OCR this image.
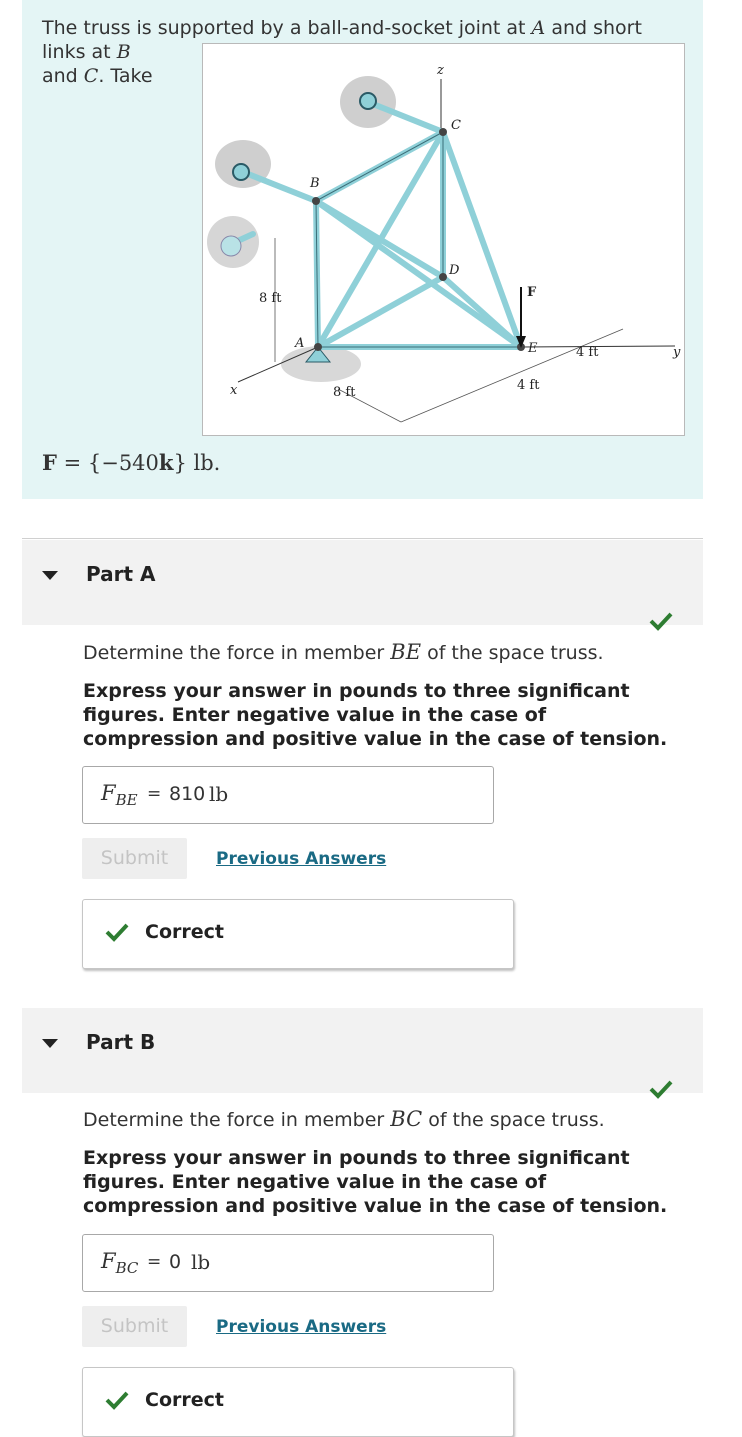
The truss is supported by a ball-and-socket joint at A and short links at B
and C. Take	z
C
B
D
F
A	E
x
y
8 ft
8 ft
4 ft
4 ft
F = {−540k} lb.
Part A
Determine the force in member BE of the space truss.
Express your answer in pounds to three significant figures. Enter negative value in the case of compression and positive value in the case of tension.
$F_{BE} = 810$ lb
Submit	Previous Answers
Correct
Part B
Determine the force in member BC of the space truss.
Express your answer in pounds to three significant figures. Enter negative value in the case of compression and positive value in the case of tension.
$F_{BC} = 0$ lb
Submit	Previous Answers
Correct
